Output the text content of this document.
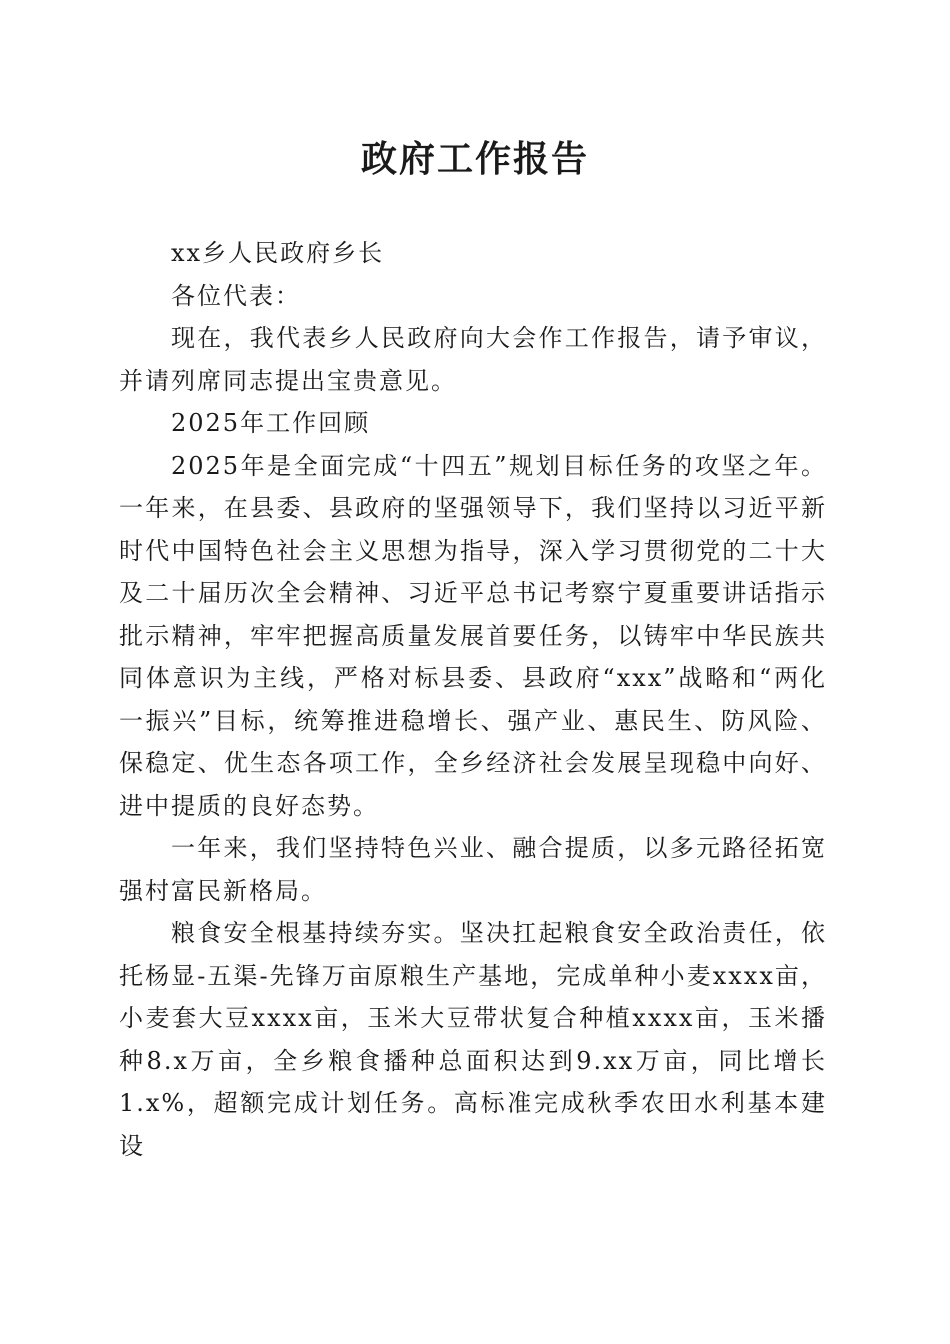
政府工作报告

xx乡人民政府乡长

各位代表：

现在，我代表乡人民政府向大会作工作报告，请予审议，并请列席同志提出宝贵意见。

2025年工作回顾

2025年是全面完成“十四五”规划目标任务的攻坚之年。一年来，在县委、县政府的坚强领导下，我们坚持以习近平新时代中国特色社会主义思想为指导，深入学习贯彻党的二十大及二十届历次全会精神、习近平总书记考察宁夏重要讲话指示批示精神，牢牢把握高质量发展首要任务，以铸牢中华民族共同体意识为主线，严格对标县委、县政府“xxx”战略和“两化一振兴”目标，统筹推进稳增长、强产业、惠民生、防风险、保稳定、优生态各项工作，全乡经济社会发展呈现稳中向好、进中提质的良好态势。

一年来，我们坚持特色兴业、融合提质，以多元路径拓宽强村富民新格局。

粮食安全根基持续夯实。坚决扛起粮食安全政治责任，依托杨显-五渠-先锋万亩原粮生产基地，完成单种小麦xxxx亩，小麦套大豆xxxx亩，玉米大豆带状复合种植xxxx亩，玉米播种8.x万亩，全乡粮食播种总面积达到9.xx万亩，同比增长1.x%，超额完成计划任务。高标准完成秋季农田水利基本建设
